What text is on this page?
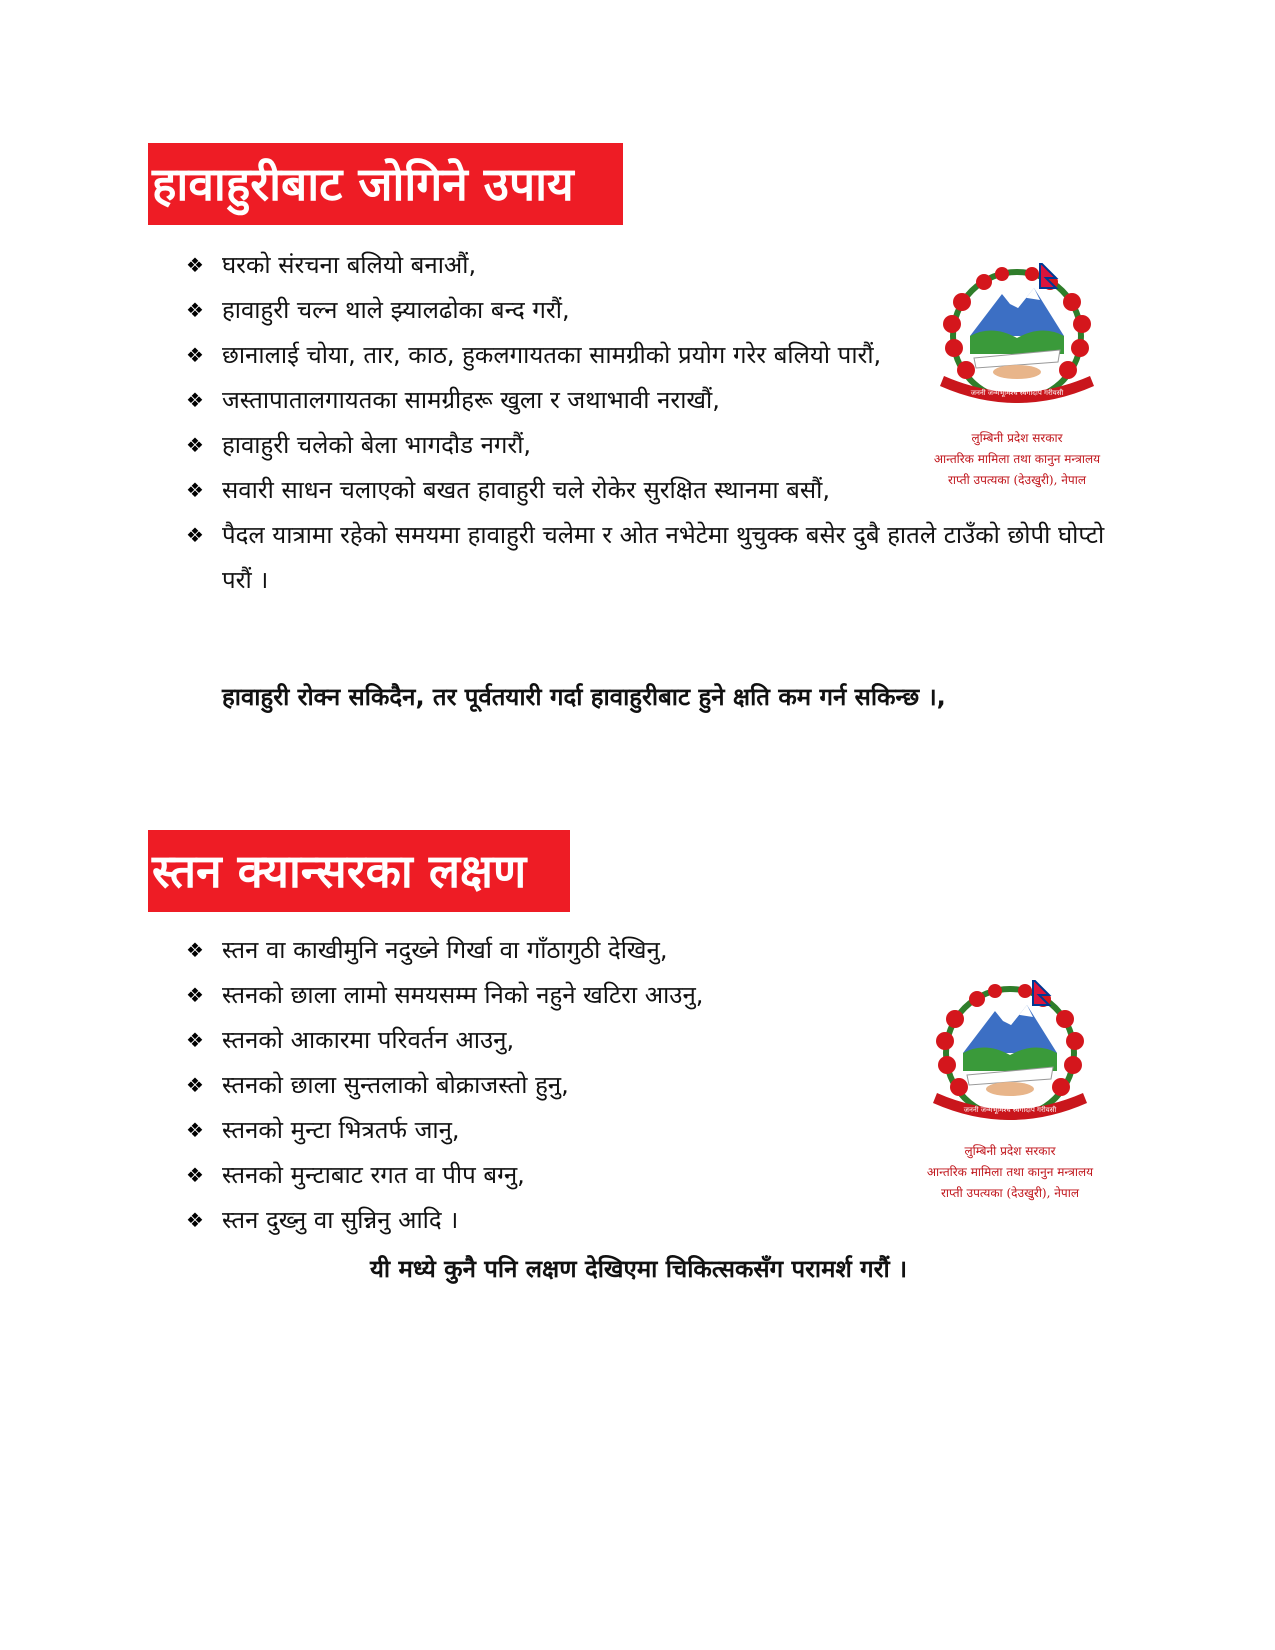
हावाहुरीबाट जोगिने उपाय
❖ घरको संरचना बलियो बनाऔं,
❖ हावाहुरी चल्न थाले झ्यालढोका बन्द गरौं,
❖ छानालाई चोया, तार, काठ, हुकलगायतका सामग्रीको प्रयोग गरेर बलियो पारौं,
❖ जस्तापातालगायतका सामग्रीहरू खुला र जथाभावी नराखौं,
❖ हावाहुरी चलेको बेला भागदौड नगरौं,
❖ सवारी साधन चलाएको बखत हावाहुरी चले रोकेर सुरक्षित स्थानमा बसौं,
❖ पैदल यात्रामा रहेको समयमा हावाहुरी चलेमा र ओत नभेटेमा थुचुक्क बसेर दुबै हातले टाउँको छोपी घोप्टो परौं ।
हावाहुरी रोक्न सकिदैन, तर पूर्वतयारी गर्दा हावाहुरीबाट हुने क्षति कम गर्न सकिन्छ ।,
जननी जन्मभूमिश्च स्वर्गादपि गरीयसी
लुम्बिनी प्रदेश सरकार
आन्तरिक मामिला तथा कानुन मन्त्रालय
राप्ती उपत्यका (देउखुरी), नेपाल
स्तन क्यान्सरका लक्षण
❖ स्तन वा काखीमुनि नदुख्ने गिर्खा वा गाँठागुठी देखिनु,
❖ स्तनको छाला लामो समयसम्म निको नहुने खटिरा आउनु,
❖ स्तनको आकारमा परिवर्तन आउनु,
❖ स्तनको छाला सुन्तलाको बोक्राजस्तो हुनु,
❖ स्तनको मुन्टा भित्रतर्फ जानु,
❖ स्तनको मुन्टाबाट रगत वा पीप बग्नु,
❖ स्तन दुख्नु वा सुन्निनु आदि ।
यी मध्ये कुनै पनि लक्षण देखिएमा चिकित्सकसँग परामर्श गरौं ।
जननी जन्मभूमिश्च स्वर्गादपि गरीयसी
लुम्बिनी प्रदेश सरकार
आन्तरिक मामिला तथा कानुन मन्त्रालय
राप्ती उपत्यका (देउखुरी), नेपाल
